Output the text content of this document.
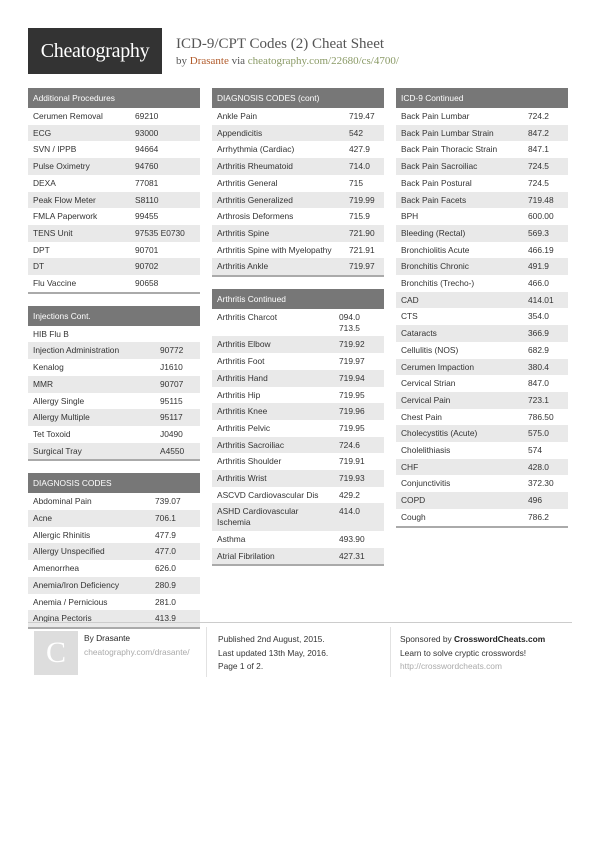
Cheatography	ICD-9/CPT Codes (2) Cheat Sheet
by Drasante via cheatography.com/22680/cs/4700/
Additional Procedures
Cerumen Removal	69210
ECG	93000
SVN / IPPB	94664
Pulse Oximetry	94760
DEXA	77081
Peak Flow Meter	S8110
FMLA Paperwork	99455
TENS Unit	97535 E0730
DPT	90701
DT	90702
Flu Vaccine	90658
Injections Cont.
HIB Flu B	
Injection Administration	90772
Kenalog	J1610
MMR	90707
Allergy Single	95115
Allergy Multiple	95117
Tet Toxoid	J0490
Surgical Tray	A4550
DIAGNOSIS CODES
Abdominal Pain	739.07
Acne	706.1
Allergic Rhinitis	477.9
Allergy Unspecified	477.0
Amenorrhea	626.0
Anemia/Iron Deficiency	280.9
Anemia / Pernicious	281.0
Angina Pectoris	413.9
DIAGNOSIS CODES (cont)
Ankle Pain	719.47
Appendicitis	542
Arrhythmia (Cardiac)	427.9
Arthritis Rheumatoid	714.0
Arthritis General	715
Arthritis Generalized	719.99
Arthrosis Deformens	715.9
Arthritis Spine	721.90
Arthritis Spine with Myelopathy	721.91
Arthritis Ankle	719.97
Arthritis Continued
Arthritis Charcot	094.0 713.5
Arthritis Elbow	719.92
Arthritis Foot	719.97
Arthritis Hand	719.94
Arthritis Hip	719.95
Arthritis Knee	719.96
Arthritis Pelvic	719.95
Arthritis Sacroiliac	724.6
Arthritis Shoulder	719.91
Arthritis Wrist	719.93
ASCVD Cardiovascular Dis	429.2
ASHD Cardiovascular Ischemia	414.0
Asthma	493.90
Atrial Fibrilation	427.31
ICD-9 Continued
Back Pain Lumbar	724.2
Back Pain Lumbar Strain	847.2
Back Pain Thoracic Strain	847.1
Back Pain Sacroiliac	724.5
Back Pain Postural	724.5
Back Pain Facets	719.48
BPH	600.00
Bleeding (Rectal)	569.3
Bronchiolitis Acute	466.19
Bronchitis Chronic	491.9
Bronchitis (Trecho-)	466.0
CAD	414.01
CTS	354.0
Cataracts	366.9
Cellulitis (NOS)	682.9
Cerumen Impaction	380.4
Cervical Strian	847.0
Cervical Pain	723.1
Chest Pain	786.50
Cholecystitis (Acute)	575.0
Cholelithiasis	574
CHF	428.0
Conjunctivitis	372.30
COPD	496
Cough	786.2
C	By Drasante
cheatography.com/drasante/
Published 2nd August, 2015.
Last updated 13th May, 2016.
Page 1 of 2.
Sponsored by CrosswordCheats.com
Learn to solve cryptic crosswords!
http://crosswordcheats.com
